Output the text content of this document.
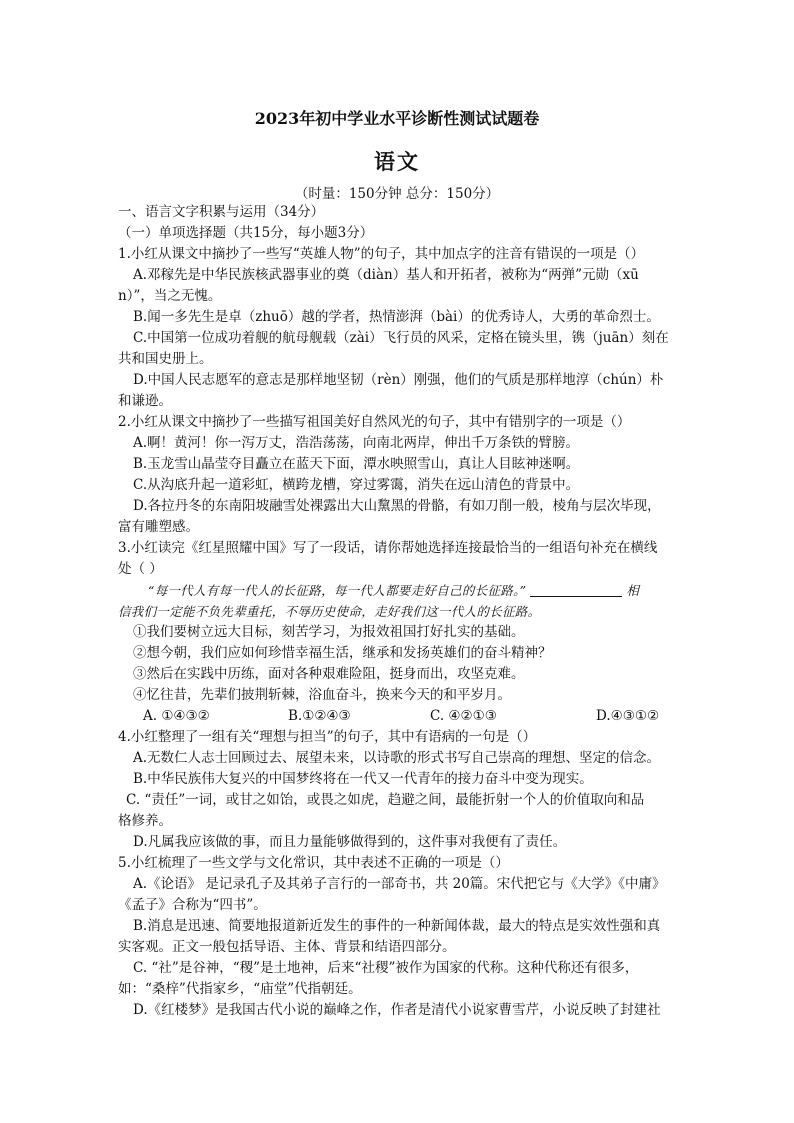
2023年初中学业水平诊断性测试试题卷
语文
（时量：150分钟 总分：150分）
一、语言文字积累与运用（34分）
（一）单项选择题（共15分，每小题3分）
1.小红从课文中摘抄了一些写“英雄人物”的句子，其中加点字的注音有错误的一项是（）
A.邓稼先是中华民族核武器事业的奠（diàn）基人和开拓者，被称为“两弹”元勋（xū
n）”，当之无愧。
B.闻一多先生是卓（zhuō）越的学者，热情澎湃（bài）的优秀诗人，大勇的革命烈士。
C.中国第一位成功着舰的航母舰载（zài）飞行员的风采，定格在镜头里，镌（juān）刻在
共和国史册上。
D.中国人民志愿军的意志是那样地坚韧（rèn）刚强，他们的气质是那样地淳（chún）朴
和谦逊。
2.小红从课文中摘抄了一些描写祖国美好自然风光的句子，其中有错别字的一项是（）
A.啊！黄河！你一泻万丈，浩浩荡荡，向南北两岸，伸出千万条铁的臂膀。
B.玉龙雪山晶莹夺目矗立在蓝天下面，潭水映照雪山，真让人目眩神迷啊。
C.从沟底升起一道彩虹，横跨龙槽，穿过雾霭，消失在远山清色的背景中。
D.各拉丹冬的东南阳坡融雪处裸露出大山黧黑的骨骼，有如刀削一般，棱角与层次毕现，
富有雕塑感。
3.小红读完《红星照耀中国》写了一段话，请你帮她选择连接最恰当的一组语句补充在横线
处（ ）
“每一代人有每一代人的长征路，每一代人都要走好自己的长征路。”	相
信我们一定能不负先辈重托，不辱历史使命，走好我们这一代人的长征路。
①我们要树立远大目标，刻苦学习，为报效祖国打好扎实的基础。
②想今朝，我们应如何珍惜幸福生活，继承和发扬英雄们的奋斗精神？
③然后在实践中历练，面对各种艰难险阻，挺身而出，攻坚克难。
④忆往昔，先辈们披荆斩棘，浴血奋斗，换来今天的和平岁月。
A. ①④③②	B.①②④③	C. ④②①③	D.④③①②
4.小红整理了一组有关“理想与担当”的句子，其中有语病的一句是（）
A.无数仁人志士回顾过去、展望未来，以诗歌的形式书写自己崇高的理想、坚定的信念。
B.中华民族伟大复兴的中国梦终将在一代又一代青年的接力奋斗中变为现实。
C. “责任”一词，或甘之如饴，或畏之如虎，趋避之间，最能折射一个人的价值取向和品
格修养。
D.凡属我应该做的事，而且力量能够做得到的，这件事对我便有了责任。
5.小红梳理了一些文学与文化常识，其中表述不正确的一项是（）
A.《论语》 是记录孔子及其弟子言行的一部奇书，共 20篇。宋代把它与《大学》《中庸》
《孟子》合称为“四书”。
B.消息是迅速、简要地报道新近发生的事件的一种新闻体裁，最大的特点是实效性强和真
实客观。正文一般包括导语、主体、背景和结语四部分。
C. “社”是谷神，“稷”是土地神，后来“社稷”被作为国家的代称。这种代称还有很多，
如：“桑梓”代指家乡，“庙堂”代指朝廷。
D.《红楼梦》是我国古代小说的巅峰之作，作者是清代小说家曹雪芹，小说反映了封建社
